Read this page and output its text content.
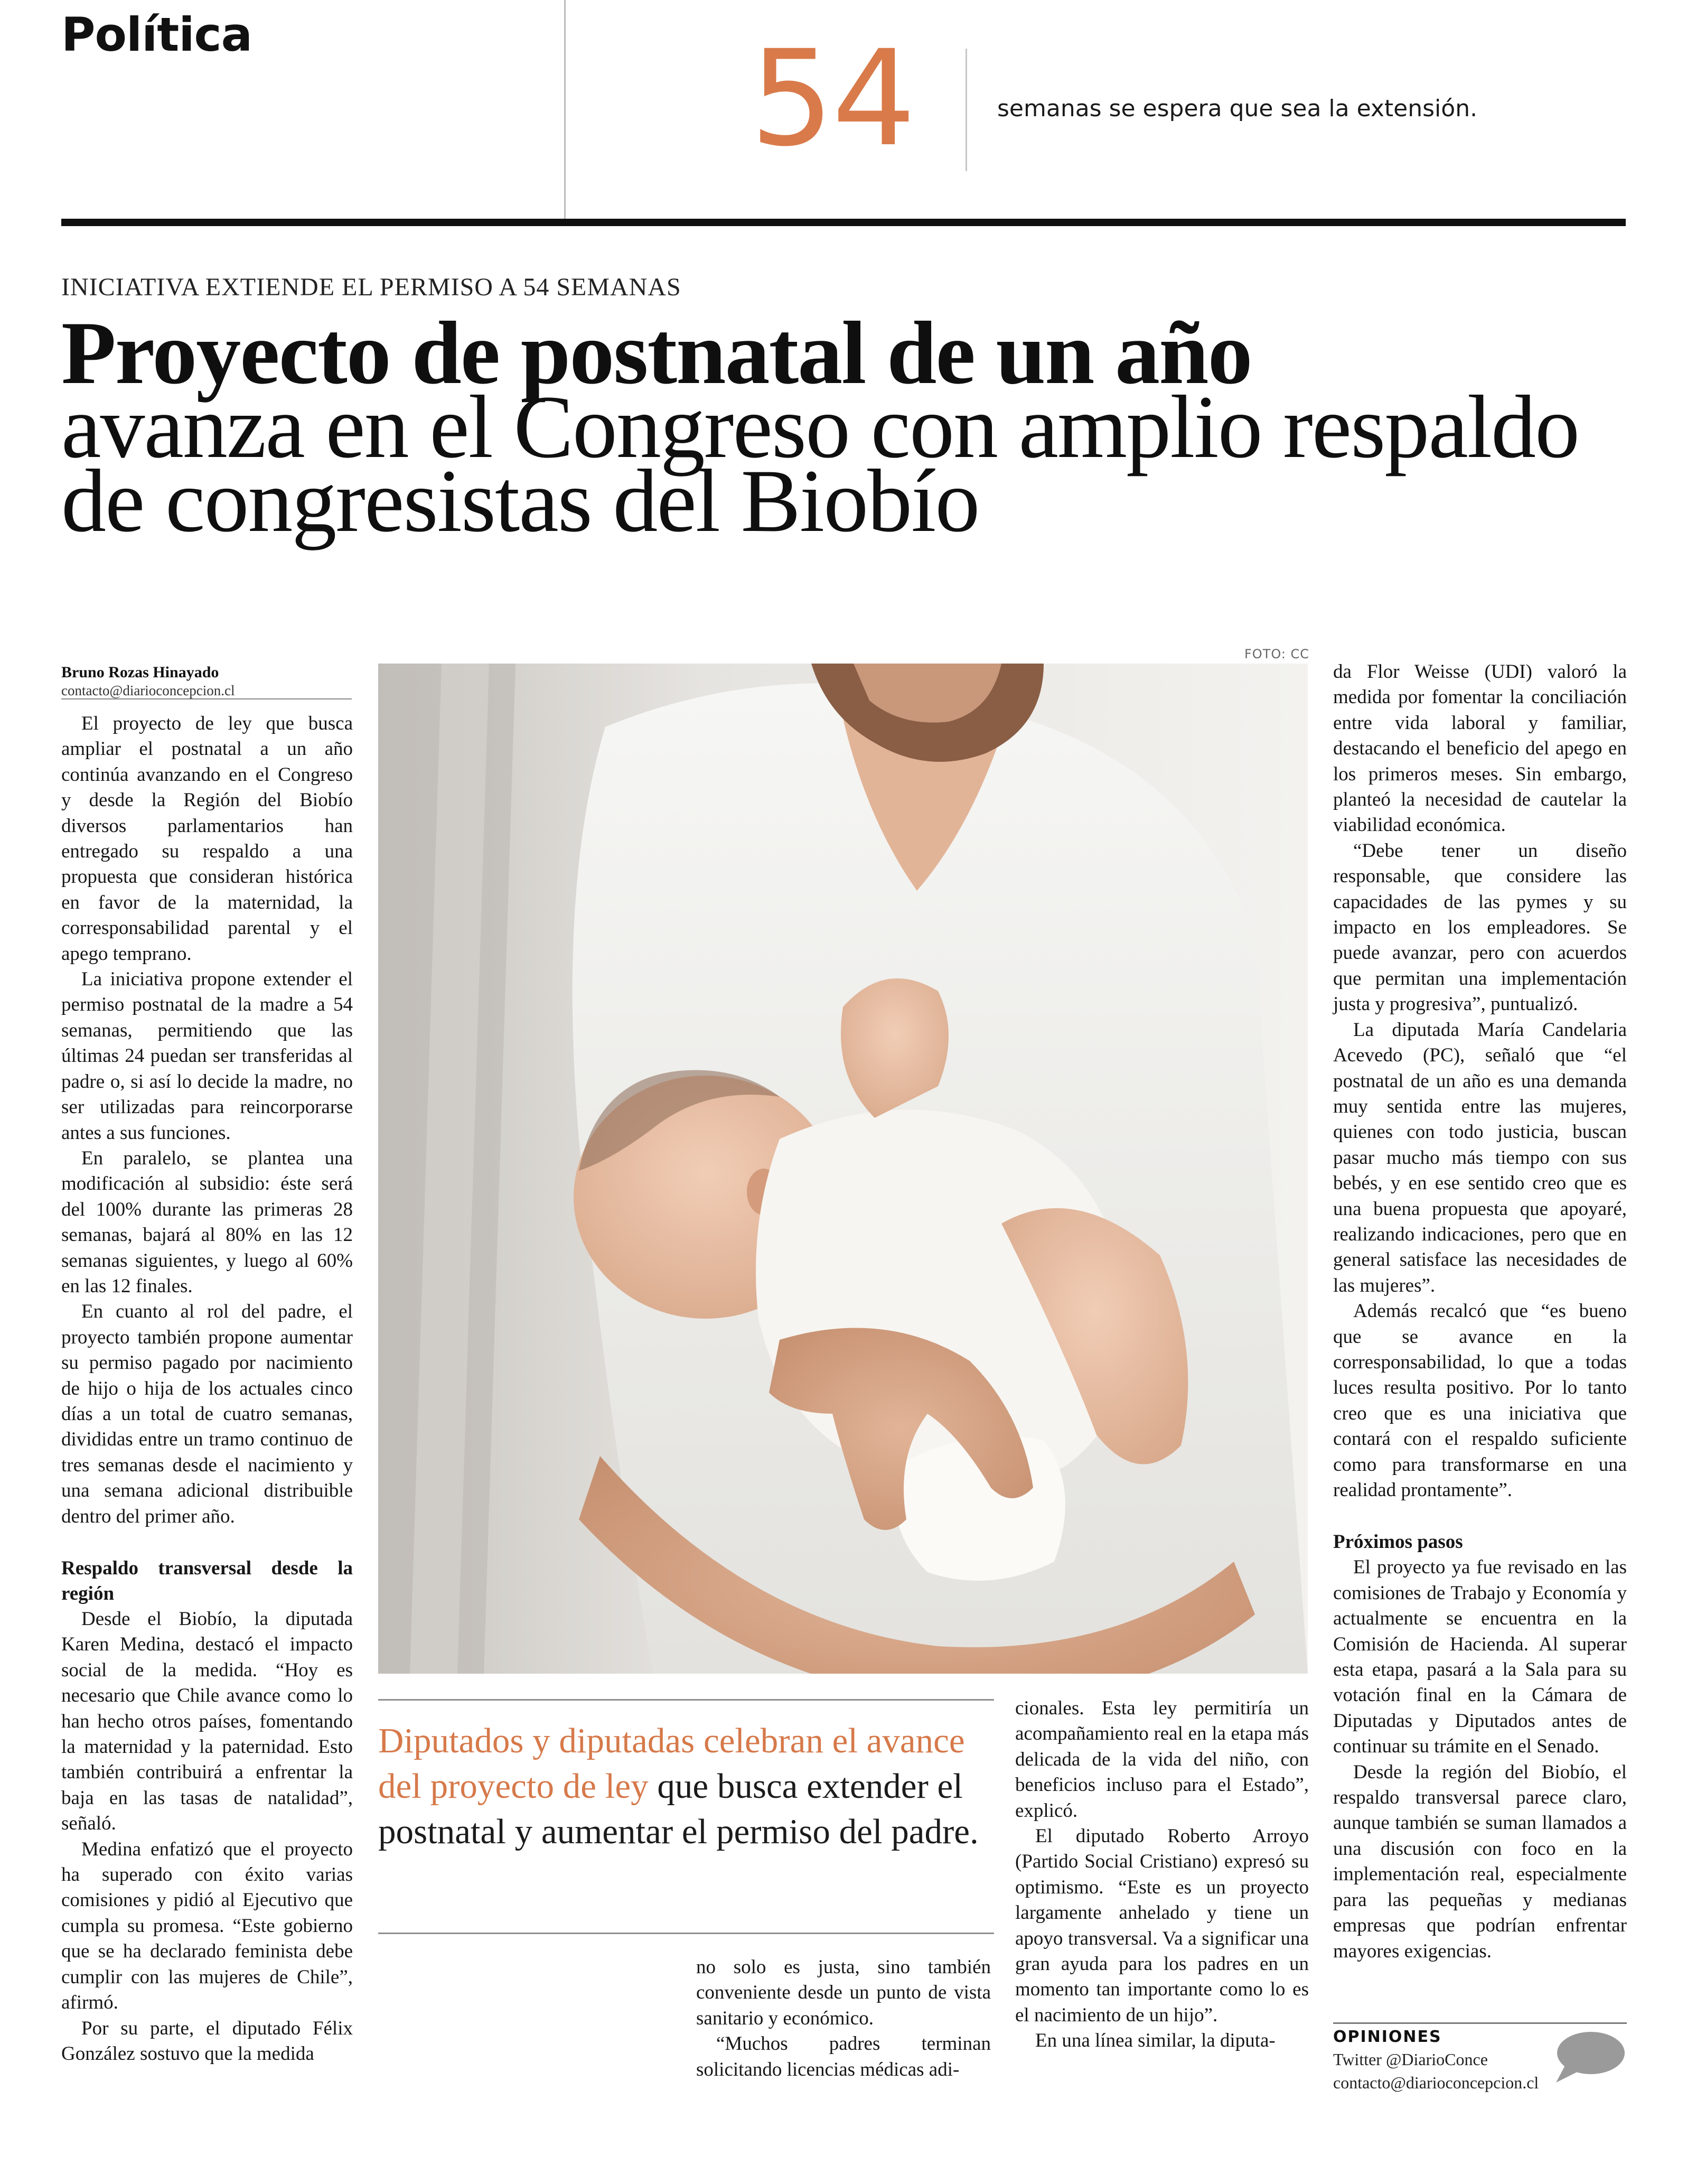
Política	54	semanas se espera que sea la extensión.
INICIATIVA EXTIENDE EL PERMISO A 54 SEMANAS
Proyecto de postnatal de un año
avanza en el Congreso con amplio respaldo de congresistas del Biobío
Bruno Rozas Hinayado
contacto@diarioconcepcion.cl

El proyecto de ley que busca ampliar el postnatal a un año continúa avanzando en el Congreso y desde la Región del Biobío diversos parlamentarios han entregado su respaldo a una propuesta que consideran histórica en favor de la maternidad, la corresponsabilidad parental y el apego temprano.

La iniciativa propone extender el permiso postnatal de la madre a 54 semanas, permitiendo que las últimas 24 puedan ser transferidas al padre o, si así lo decide la madre, no ser utilizadas para reincorporarse antes a sus funciones.

En paralelo, se plantea una modificación al subsidio: éste será del 100% durante las primeras 28 semanas, bajará al 80% en las 12 semanas siguientes, y luego al 60% en las 12 finales.

En cuanto al rol del padre, el proyecto también propone aumentar su permiso pagado por nacimiento de hijo o hija de los actuales cinco días a un total de cuatro semanas, divididas entre un tramo continuo de tres semanas desde el nacimiento y una semana adicional distribuible dentro del primer año.

Respaldo transversal desde la región

Desde el Biobío, la diputada Karen Medina, destacó el impacto social de la medida. “Hoy es necesario que Chile avance como lo han hecho otros países, fomentando la maternidad y la paternidad. Esto también contribuirá a enfrentar la baja en las tasas de natalidad”, señaló.

Medina enfatizó que el proyecto ha superado con éxito varias comisiones y pidió al Ejecutivo que cumpla su promesa. “Este gobierno que se ha declarado feminista debe cumplir con las mujeres de Chile”, afirmó.

Por su parte, el diputado Félix González sostuvo que la medida

FOTO: CC
Diputados y diputadas celebran el avance del proyecto de ley que busca extender el postnatal y aumentar el permiso del padre.

no solo es justa, sino también conveniente desde un punto de vista sanitario y económico.

“Muchos padres terminan solicitando licencias médicas adi-

cionales. Esta ley permitiría un acompañamiento real en la etapa más delicada de la vida del niño, con beneficios incluso para el Estado”, explicó.

El diputado Roberto Arroyo (Partido Social Cristiano) expresó su optimismo. “Este es un proyecto largamente anhelado y tiene un apoyo transversal. Va a significar una gran ayuda para los padres en un momento tan importante como lo es el nacimiento de un hijo”.

En una línea similar, la diputa-

da Flor Weisse (UDI) valoró la medida por fomentar la conciliación entre vida laboral y familiar, destacando el beneficio del apego en los primeros meses. Sin embargo, planteó la necesidad de cautelar la viabilidad económica.

“Debe tener un diseño responsable, que considere las capacidades de las pymes y su impacto en los empleadores. Se puede avanzar, pero con acuerdos que permitan una implementación justa y progresiva”, puntualizó.

La diputada María Candelaria Acevedo (PC), señaló que “el postnatal de un año es una demanda muy sentida entre las mujeres, quienes con todo justicia, buscan pasar mucho más tiempo con sus bebés, y en ese sentido creo que es una buena propuesta que apoyaré, realizando indicaciones, pero que en general satisface las necesidades de las mujeres”.

Además recalcó que “es bueno que se avance en la corresponsabilidad, lo que a todas luces resulta positivo. Por lo tanto creo que es una iniciativa que contará con el respaldo suficiente como para transformarse en una realidad prontamente”.

Próximos pasos

El proyecto ya fue revisado en las comisiones de Trabajo y Economía y actualmente se encuentra en la Comisión de Hacienda. Al superar esta etapa, pasará a la Sala para su votación final en la Cámara de Diputadas y Diputados antes de continuar su trámite en el Senado.

Desde la región del Biobío, el respaldo transversal parece claro, aunque también se suman llamados a una discusión con foco en la implementación real, especialmente para las pequeñas y medianas empresas que podrían enfrentar mayores exigencias.

OPINIONES
Twitter @DiarioConce
contacto@diarioconcepcion.cl
